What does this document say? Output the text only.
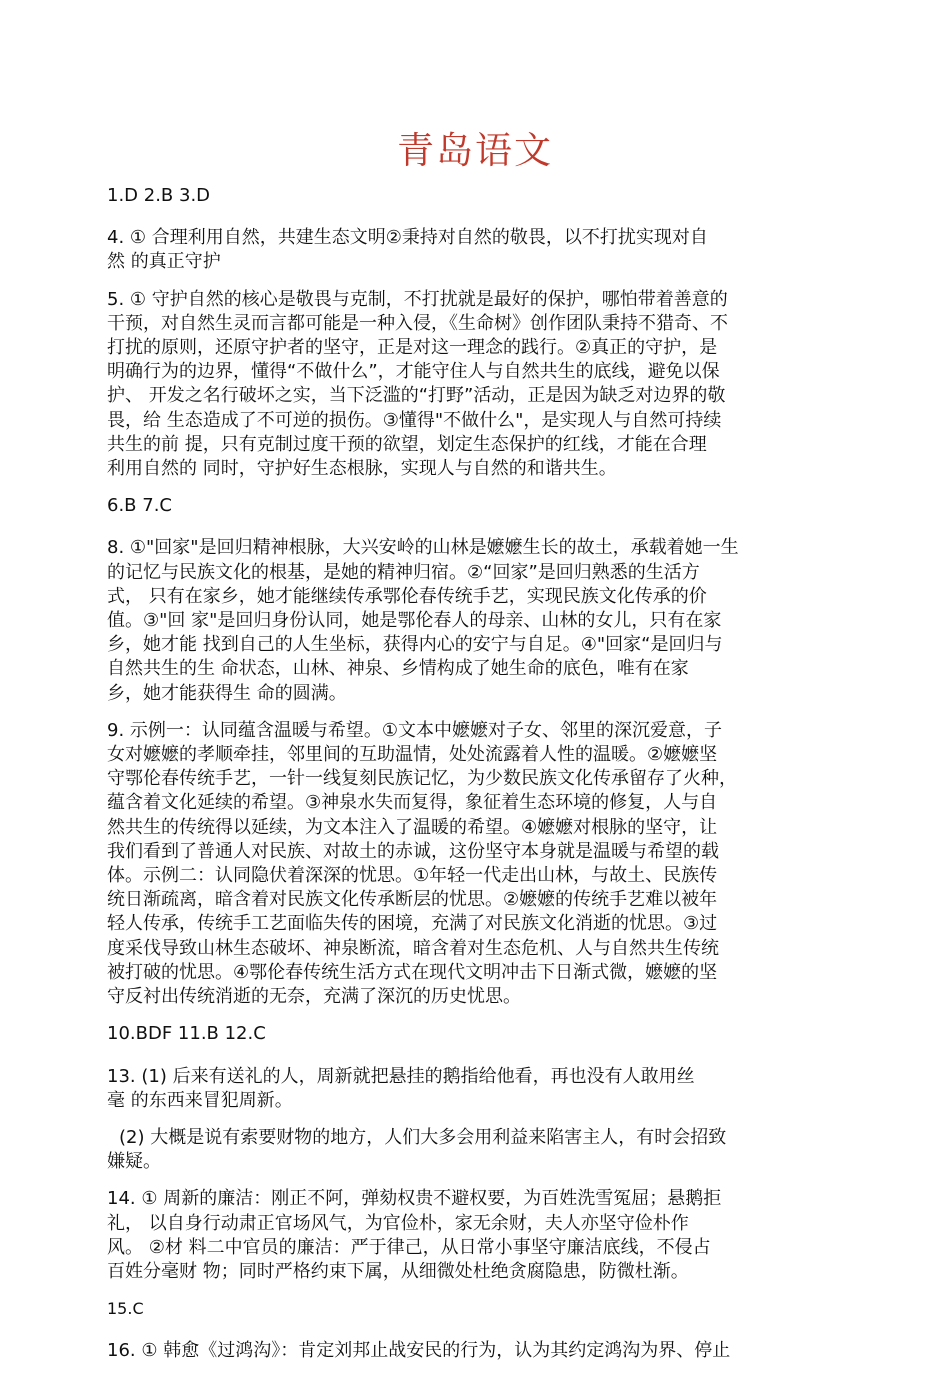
青岛语文
1.D 2.B 3.D
4. ① 合理利用自然，共建生态文明②秉持对自然的敬畏，以不打扰实现对自
然 的真正守护
5. ① 守护自然的核心是敬畏与克制，不打扰就是最好的保护，哪怕带着善意的
干预，对自然生灵而言都可能是一种入侵，《生命树》创作团队秉持不猎奇、不
打扰的原则，还原守护者的坚守，正是对这一理念的践行。②真正的守护，是
明确行为的边界，懂得“不做什么”，才能守住人与自然共生的底线，避免以保
护、 开发之名行破坏之实，当下泛滥的“打野”活动，正是因为缺乏对边界的敬
畏，给 生态造成了不可逆的损伤。③懂得"不做什么"，是实现人与自然可持续
共生的前 提，只有克制过度干预的欲望，划定生态保护的红线，才能在合理
利用自然的 同时，守护好生态根脉，实现人与自然的和谐共生。
6.B 7.C
8. ①"回家"是回归精神根脉，大兴安岭的山林是嬷嬷生长的故土，承载着她一生
的记忆与民族文化的根基，是她的精神归宿。②“回家”是回归熟悉的生活方
式， 只有在家乡，她才能继续传承鄂伦春传统手艺，实现民族文化传承的价
值。③"回 家"是回归身份认同，她是鄂伦春人的母亲、山林的女儿，只有在家
乡，她才能 找到自己的人生坐标，获得内心的安宁与自足。④"回家“是回归与
自然共生的生 命状态，山林、神泉、乡情构成了她生命的底色，唯有在家
乡，她才能获得生 命的圆满。
9. 示例一：认同蕴含温暖与希望。①文本中嬷嬷对子女、邻里的深沉爱意，子
女对嬷嬷的孝顺牵挂，邻里间的互助温情，处处流露着人性的温暖。②嬷嬷坚
守鄂伦春传统手艺，一针一线复刻民族记忆，为少数民族文化传承留存了火种，
蕴含着文化延续的希望。③神泉水失而复得，象征着生态环境的修复，人与自
然共生的传统得以延续，为文本注入了温暖的希望。④嬷嬷对根脉的坚守，让
我们看到了普通人对民族、对故土的赤诚，这份坚守本身就是温暖与希望的载
体。示例二：认同隐伏着深深的忧思。①年轻一代走出山林，与故土、民族传
统日渐疏离，暗含着对民族文化传承断层的忧思。②嬷嬷的传统手艺难以被年
轻人传承，传统手工艺面临失传的困境，充满了对民族文化消逝的忧思。③过
度采伐导致山林生态破坏、神泉断流，暗含着对生态危机、人与自然共生传统
被打破的忧思。④鄂伦春传统生活方式在现代文明冲击下日渐式微，嬷嬷的坚
守反衬出传统消逝的无奈，充满了深沉的历史忧思。
10.BDF 11.B 12.C
13. (1) 后来有送礼的人，周新就把悬挂的鹅指给他看，再也没有人敢用丝
毫 的东西来冒犯周新。
(2) 大概是说有索要财物的地方，人们大多会用利益来陷害主人，有时会招致
嫌疑。
14. ① 周新的廉洁：刚正不阿，弹劾权贵不避权要，为百姓洗雪冤屈；悬鹅拒
礼， 以自身行动肃正官场风气，为官俭朴，家无余财，夫人亦坚守俭朴作
风。 ②材 料二中官员的廉洁：严于律己，从日常小事坚守廉洁底线，不侵占
百姓分毫财 物；同时严格约束下属，从细微处杜绝贪腐隐患，防微杜渐。
15.C
16. ① 韩愈《过鸿沟》：肯定刘邦止战安民的行为，认为其约定鸿沟为界、停止
